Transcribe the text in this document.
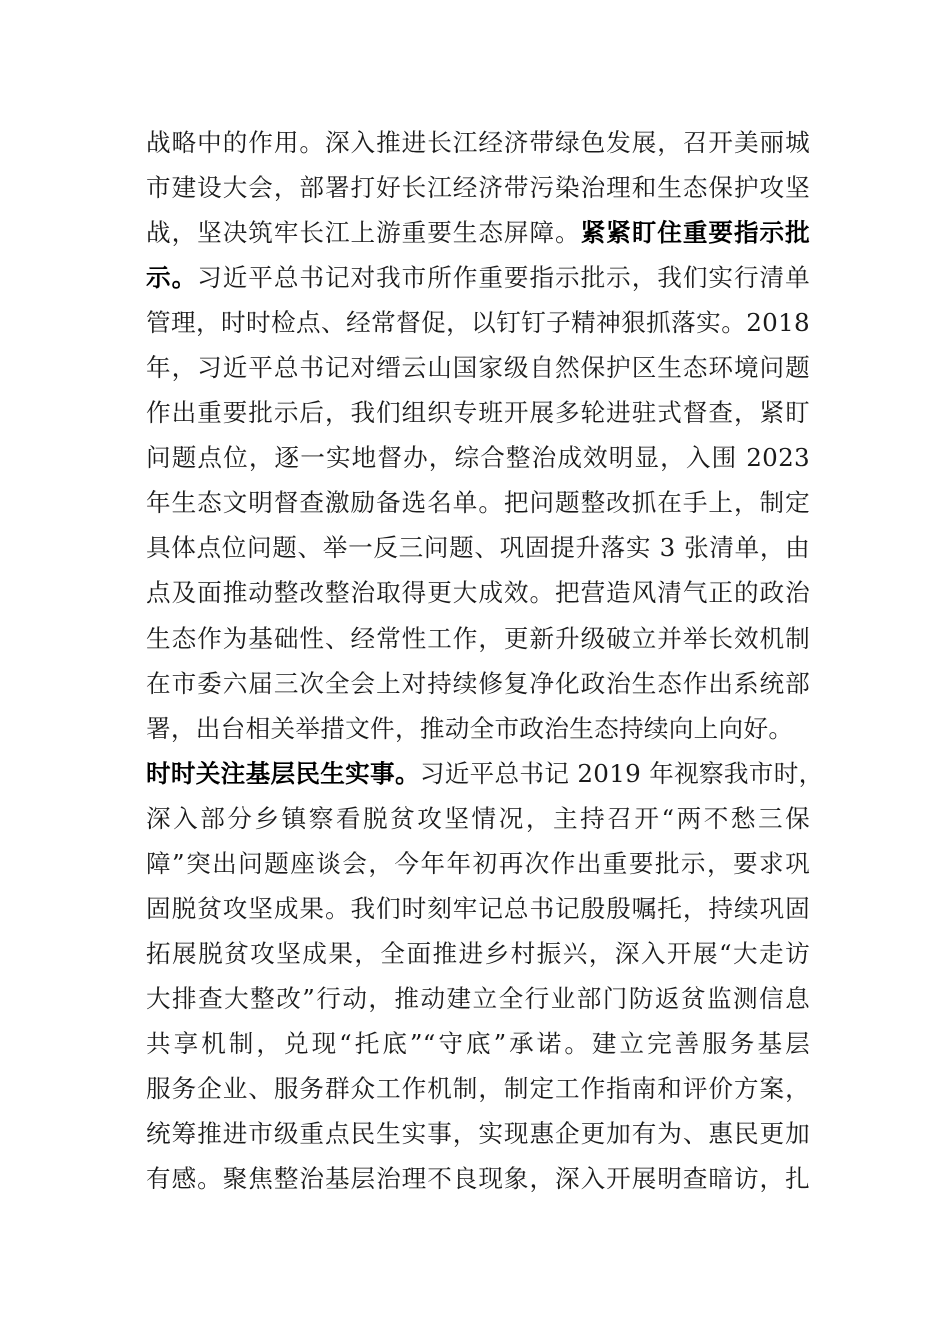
战略中的作用。深入推进长江经济带绿色发展，召开美丽城
市建设大会，部署打好长江经济带污染治理和生态保护攻坚
战，坚决筑牢长江上游重要生态屏障。紧紧盯住重要指示批
示。习近平总书记对我市所作重要指示批示，我们实行清单
管理，时时检点、经常督促，以钉钉子精神狠抓落实。2018
年，习近平总书记对缙云山国家级自然保护区生态环境问题
作出重要批示后，我们组织专班开展多轮进驻式督查，紧盯
问题点位，逐一实地督办，综合整治成效明显，入围 2023
年生态文明督查激励备选名单。把问题整改抓在手上，制定
具体点位问题、举一反三问题、巩固提升落实 3 张清单，由
点及面推动整改整治取得更大成效。把营造风清气正的政治
生态作为基础性、经常性工作，更新升级破立并举长效机制
在市委六届三次全会上对持续修复净化政治生态作出系统部
署，出台相关举措文件，推动全市政治生态持续向上向好。
时时关注基层民生实事。习近平总书记 2019 年视察我市时，
深入部分乡镇察看脱贫攻坚情况，主持召开“两不愁三保
障”突出问题座谈会，今年年初再次作出重要批示，要求巩
固脱贫攻坚成果。我们时刻牢记总书记殷殷嘱托，持续巩固
拓展脱贫攻坚成果，全面推进乡村振兴，深入开展“大走访
大排查大整改”行动，推动建立全行业部门防返贫监测信息
共享机制，兑现“托底”“守底”承诺。建立完善服务基层
服务企业、服务群众工作机制，制定工作指南和评价方案，
统筹推进市级重点民生实事，实现惠企更加有为、惠民更加
有感。聚焦整治基层治理不良现象，深入开展明查暗访，扎
